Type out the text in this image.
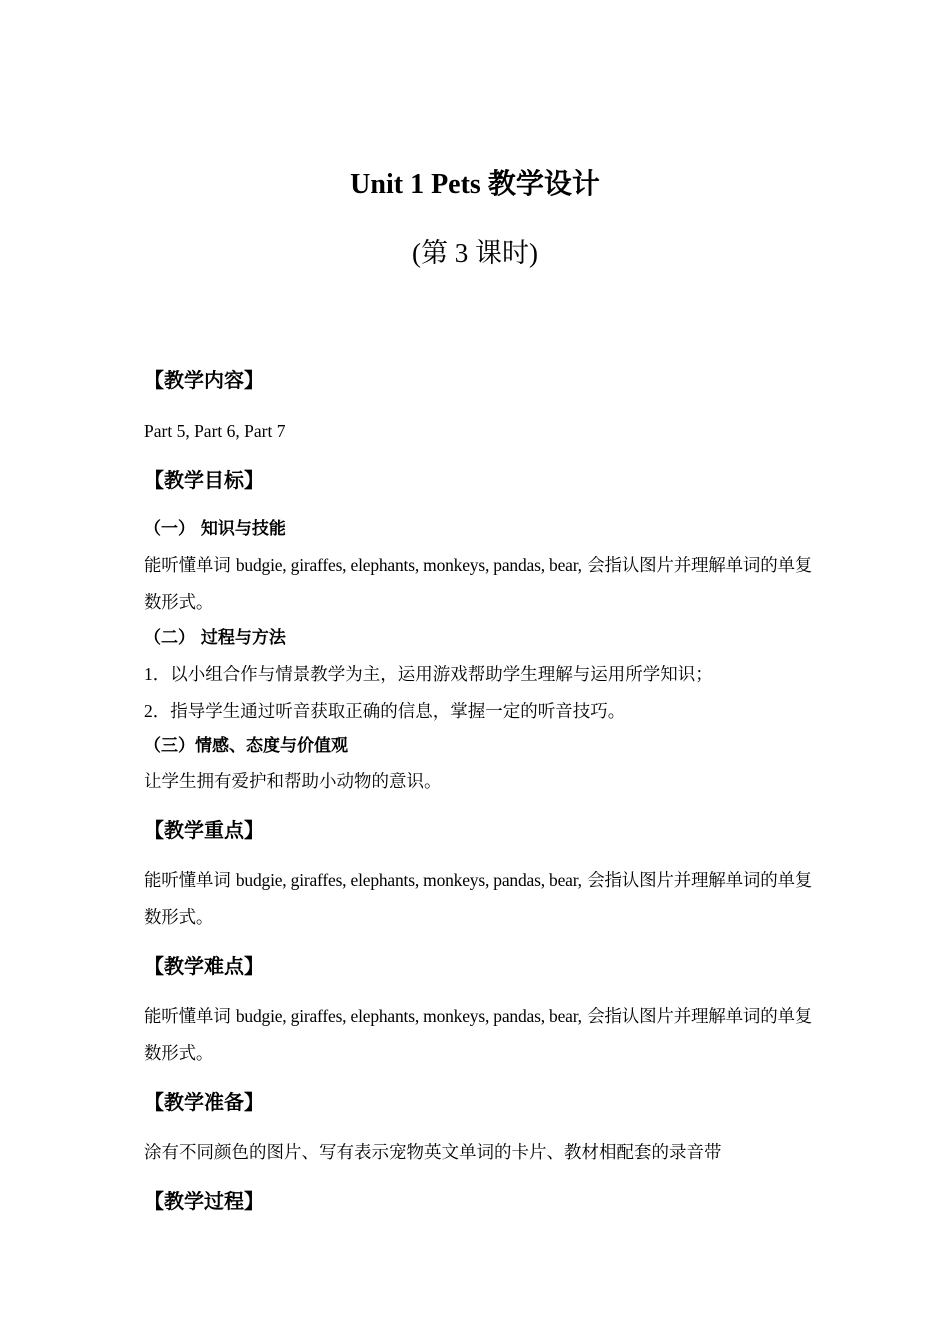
Unit 1 Pets 教学设计
(第 3 课时)
【教学内容】
Part 5, Part 6, Part 7
【教学目标】
（一） 知识与技能
能听懂单词 budgie, giraffes, elephants, monkeys, pandas, bear, 会指认图片并理解单词的单复数形式。
（二） 过程与方法
1．以小组合作与情景教学为主，运用游戏帮助学生理解与运用所学知识；
2．指导学生通过听音获取正确的信息，掌握一定的听音技巧。
（三）情感、态度与价值观
让学生拥有爱护和帮助小动物的意识。
【教学重点】
能听懂单词 budgie, giraffes, elephants, monkeys, pandas, bear, 会指认图片并理解单词的单复数形式。
【教学难点】
能听懂单词 budgie, giraffes, elephants, monkeys, pandas, bear, 会指认图片并理解单词的单复数形式。
【教学准备】
涂有不同颜色的图片、写有表示宠物英文单词的卡片、教材相配套的录音带
【教学过程】
